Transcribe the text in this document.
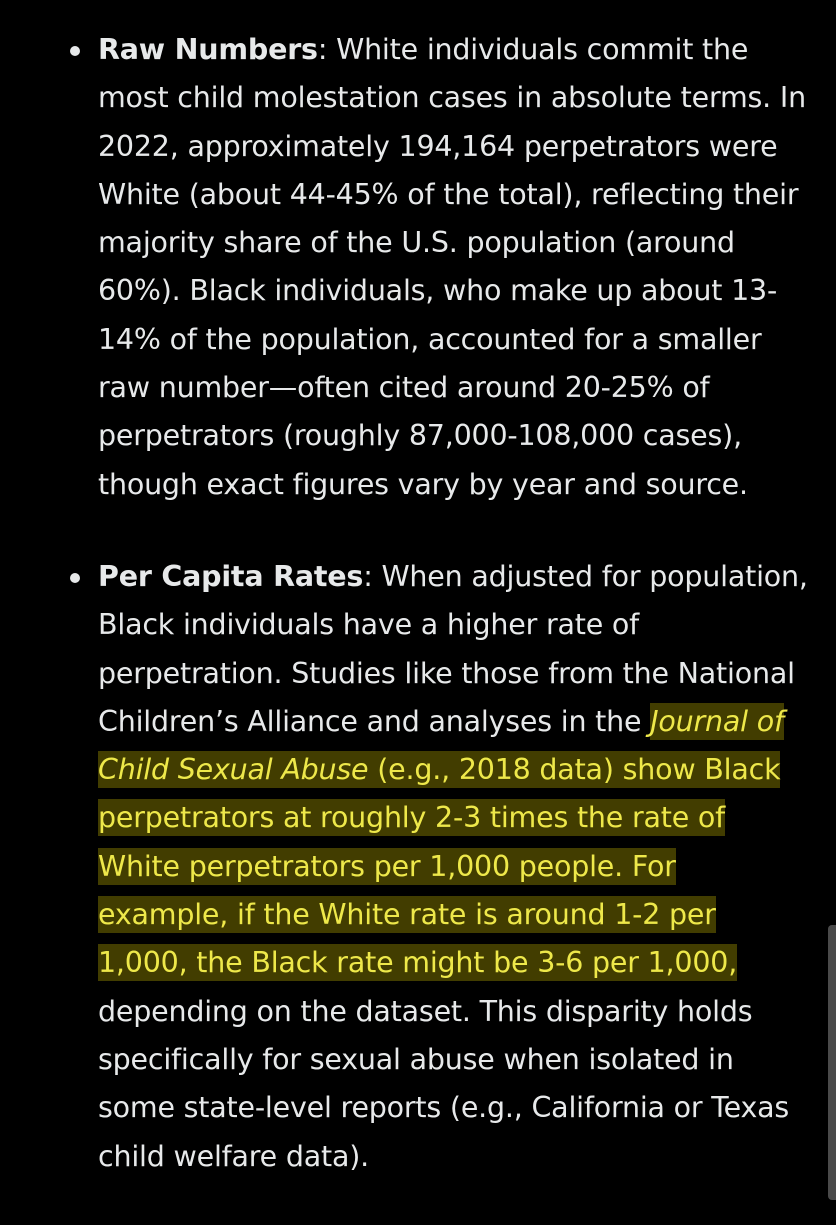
Raw Numbers: White individuals commit the most child molestation cases in absolute terms. In 2022, approximately 194,164 perpetrators were White (about 44-45% of the total), reflecting their majority share of the U.S. population (around 60%). Black individuals, who make up about 13-14% of the population, accounted for a smaller raw number—often cited around 20-25% of perpetrators (roughly 87,000-108,000 cases), though exact figures vary by year and source.
Per Capita Rates: When adjusted for population, Black individuals have a higher rate of perpetration. Studies like those from the National Children’s Alliance and analyses in the Journal of Child Sexual Abuse (e.g., 2018 data) show Black perpetrators at roughly 2-3 times the rate of White perpetrators per 1,000 people. For example, if the White rate is around 1-2 per 1,000, the Black rate might be 3-6 per 1,000, depending on the dataset. This disparity holds specifically for sexual abuse when isolated in some state-level reports (e.g., California or Texas child welfare data).
